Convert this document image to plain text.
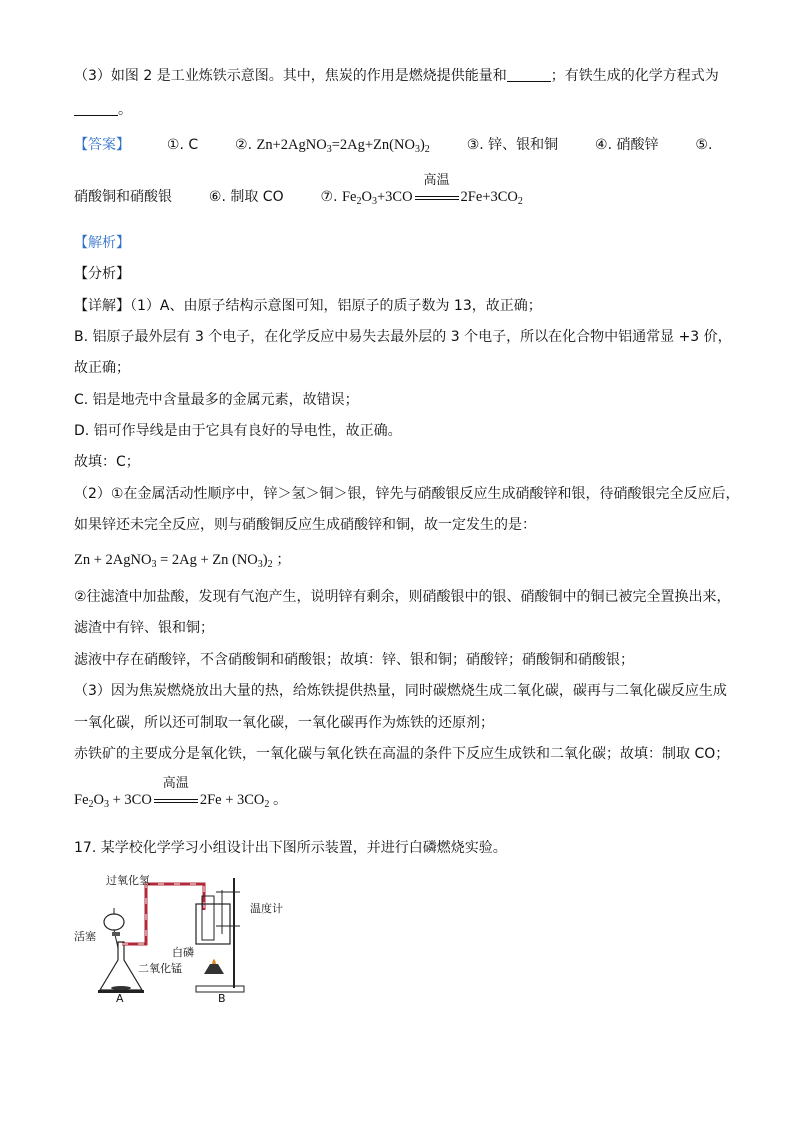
（3）如图 2 是工业炼铁示意图。其中，焦炭的作用是燃烧提供能量和	；有铁生成的化学方程式为
。
【答案】	①. C	②. $Zn+2AgNO_3=2Ag+Zn(NO_3)_2$	③. 锌、银和铜	④. 硝酸锌	⑤.
硝酸铜和硝酸银	⑥. 制取 CO	⑦. $Fe_2O_3+3CO$
高温
$2Fe+3CO_2$
【解析】
【分析】
【详解】（1）A、由原子结构示意图可知，铝原子的质子数为 13，故正确；
B. 铝原子最外层有 3 个电子，在化学反应中易失去最外层的 3 个电子，所以在化合物中铝通常显 +3 价，
故正确；
C. 铝是地壳中含量最多的金属元素，故错误；
D. 铝可作导线是由于它具有良好的导电性，故正确。
故填：C；
（2）①在金属活动性顺序中，锌＞氢＞铜＞银，锌先与硝酸银反应生成硝酸锌和银，待硝酸银完全反应后，
如果锌还未完全反应，则与硝酸铜反应生成硝酸锌和铜，故一定发生的是：
Zn + 2AgNO$_3$ = 2Ag + Zn $(NO_3)_2$ ；
②往滤渣中加盐酸，发现有气泡产生，说明锌有剩余，则硝酸银中的银、硝酸铜中的铜已被完全置换出来，
滤渣中有锌、银和铜；
滤液中存在硝酸锌，不含硝酸铜和硝酸银；故填：锌、银和铜；硝酸锌；硝酸铜和硝酸银；
（3）因为焦炭燃烧放出大量的热，给炼铁提供热量，同时碳燃烧生成二氧化碳，碳再与二氧化碳反应生成
一氧化碳，所以还可制取一氧化碳，一氧化碳再作为炼铁的还原剂；
赤铁矿的主要成分是氧化铁，一氧化碳与氧化铁在高温的条件下反应生成铁和二氧化碳；故填：制取 CO；
$Fe_2O_3 + 3CO$
高温
$2Fe + 3CO_2$ 。
17. 某学校化学学习小组设计出下图所示装置，并进行白磷燃烧实验。
过氧化氢
活塞
温度计
白磷
二氧化锰
A	B
